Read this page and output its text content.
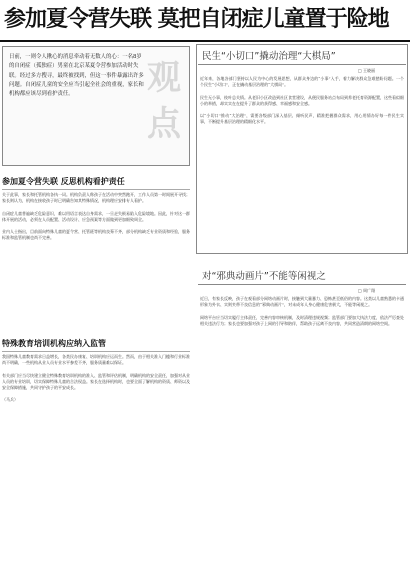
参加夏令营失联 莫把自闭症儿童置于险地
日前，一则令人揪心的消息牵动着无数人的心：一名8岁的自闭症（孤独症）男童在北京某夏令营参加活动时失联。经过多方搜寻，最终被找到，但这一事件暴露出许多问题。自闭症儿童的安全应当引起全社会的重视，家长和机构都应该尽到看护责任。	观点
参加夏令营失联 反思机构看护责任
关于此事，家长和托管机构各执一词。机构负责人称孩子在活动中突然跑开，工作人员第一时间展开寻找；家长则认为，机构在接收孩子时已明确告知其特殊情况，机构理应安排专人看护。

自闭症儿童普遍缺乏危险意识，难以用语言表达自身需求，一旦走失极易陷入危险境地。因此，针对这一群体开展的活动，必须在人员配置、活动设计、应急预案等方面做到更加细致周全。

业内人士指出，目前面向特殊儿童的夏令营、托管班等机构良莠不齐，部分机构缺乏专业资质和经验，服务标准和监管机制也尚不完善。
特殊教育培训机构应纳入监管
我国特殊儿童教育需求日益增长，各类民办康复、培训机构应运而生。然而，由于相关准入门槛和行业标准尚不明确，一些机构从业人员专业水平参差不齐，服务质量难以保证。

有关部门应当尽快建立健全特殊教育培训机构的准入、监管和评估机制，明确机构的安全责任，加强对从业人员的专业培训，切实保障特殊儿童的合法权益。家长在选择机构时，也要全面了解机构的资质、师资以及安全保障措施，共同守护孩子的平安成长。

（马兵）
民生“小切口”撬动治理“大棋局”
□ 王晓丽
近年来，各地各部门坚持以人民为中心的发展思想，从群众身边的“小事”入手，着力解决群众急难愁盼问题。一个个民生“小切口”，正在撬动基层治理的“大棋局”。

民生无小事，枝叶总关情。从老旧小区改造到社区食堂建设，从便民服务站点布局到养老托育资源配置，这些看似细小的举措，却实实在在提升了群众的获得感、幸福感和安全感。

以“小切口”推动“大治理”，需要各级部门深入基层、倾听民声，精准把握群众需求，用心用情办好每一件民生实事，不断提升基层治理的精细化水平。
对“邪典动画片”不能等闲视之
□ 周广翔
近日，有家长反映，孩子在观看部分网络动画片时，接触到大量暴力、恐怖甚至低俗的内容。这类以儿童熟悉的卡通形象为外衣、实则夹带不良信息的“邪典动画片”，对未成年人身心健康危害极大，不能等闲视之。

网络平台应当切实履行主体责任，完善内容审核机制，及时清理违规视频；监管部门要加大执法力度，依法严厉查处相关违法行为；家长也要加强对孩子上网的引导和陪伴，帮助孩子远离不良内容，共同营造清朗的网络空间。
